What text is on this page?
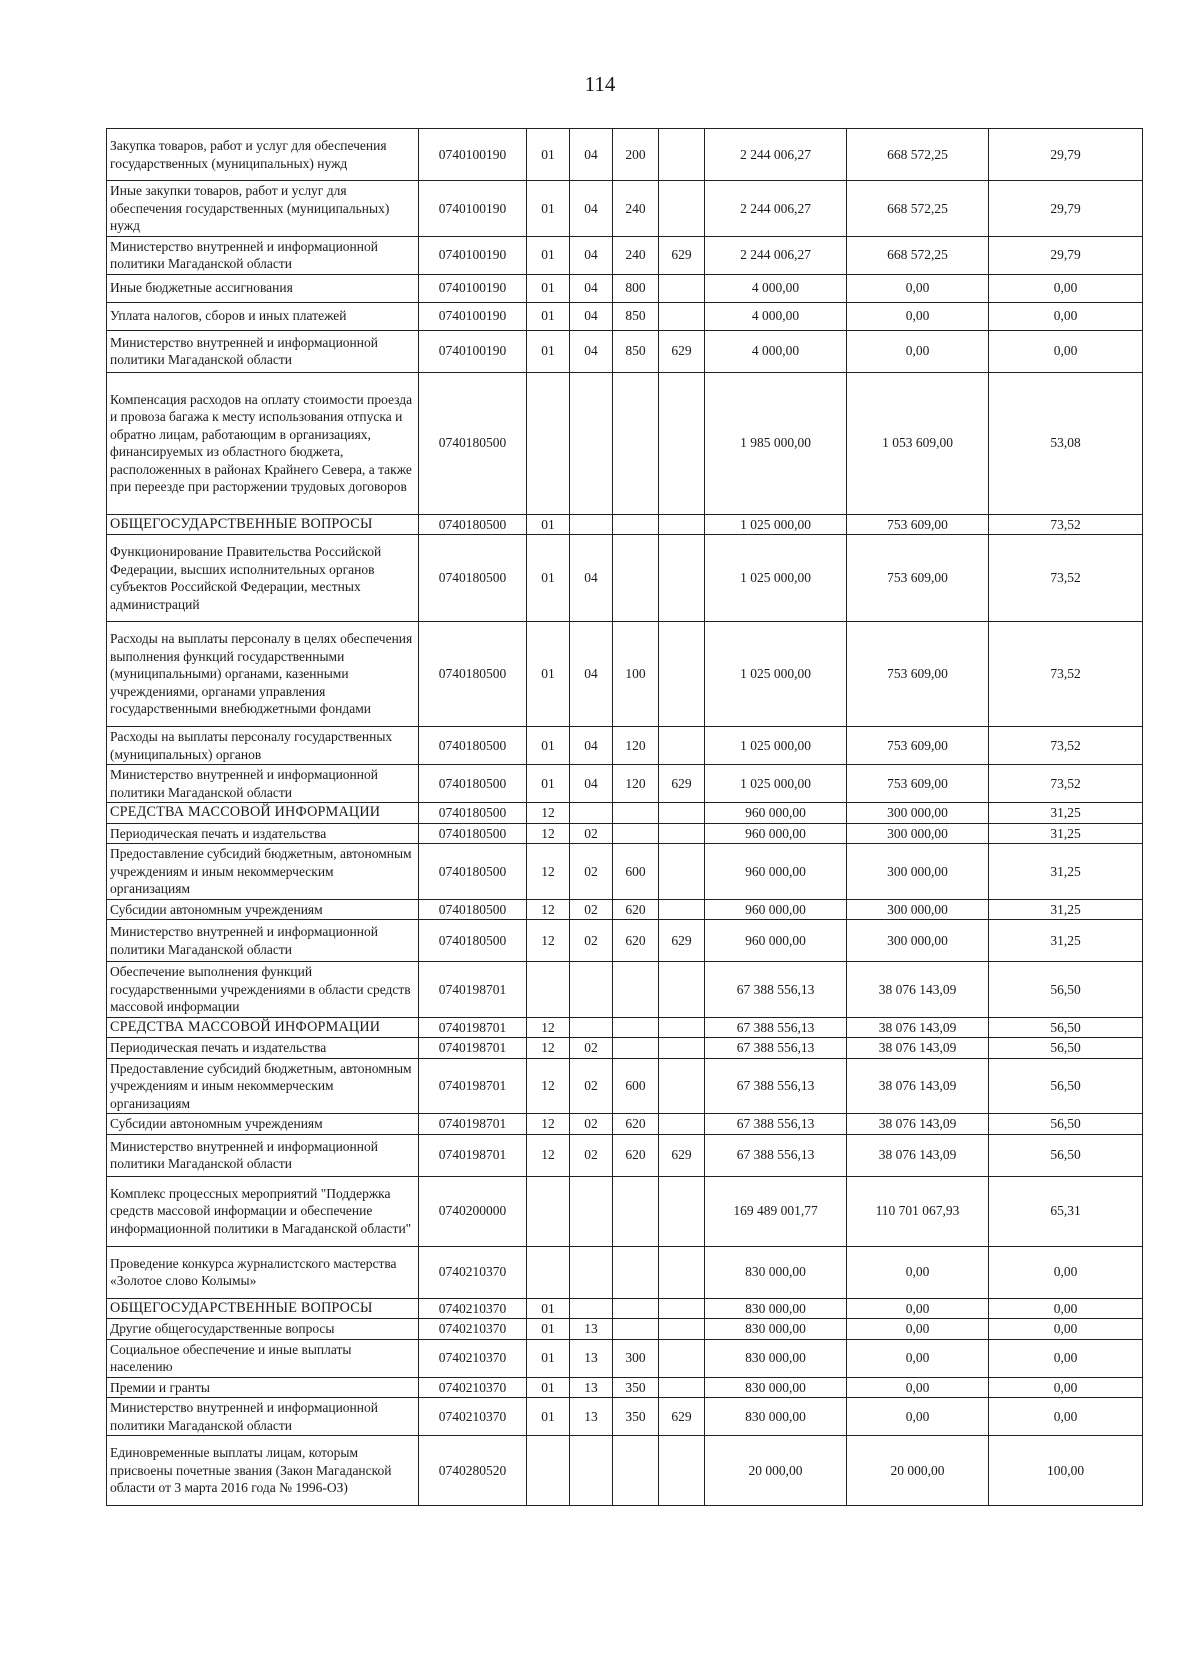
114
Закупка товаров, работ и услуг для обеспечения государственных (муниципальных) нужд	0740100190	01	04	200		2 244 006,27	668 572,25	29,79
Иные закупки товаров, работ и услуг для обеспечения государственных (муниципальных) нужд	0740100190	01	04	240		2 244 006,27	668 572,25	29,79
Министерство внутренней и информационной политики Магаданской области	0740100190	01	04	240	629	2 244 006,27	668 572,25	29,79
Иные бюджетные ассигнования	0740100190	01	04	800		4 000,00	0,00	0,00
Уплата налогов, сборов и иных платежей	0740100190	01	04	850		4 000,00	0,00	0,00
Министерство внутренней и информационной политики Магаданской области	0740100190	01	04	850	629	4 000,00	0,00	0,00
Компенсация расходов на оплату стоимости проезда и провоза багажа к месту использования отпуска и обратно лицам, работающим в организациях, финансируемых из областного бюджета, расположенных в районах Крайнего Севера, а также при переезде при расторжении трудовых договоров	0740180500					1 985 000,00	1 053 609,00	53,08
ОБЩЕГОСУДАРСТВЕННЫЕ ВОПРОСЫ	0740180500	01				1 025 000,00	753 609,00	73,52
Функционирование Правительства Российской Федерации, высших исполнительных органов субъектов Российской Федерации, местных администраций	0740180500	01	04			1 025 000,00	753 609,00	73,52
Расходы на выплаты персоналу в целях обеспечения выполнения функций государственными (муниципальными) органами, казенными учреждениями, органами управления государственными внебюджетными фондами	0740180500	01	04	100		1 025 000,00	753 609,00	73,52
Расходы на выплаты персоналу государственных (муниципальных) органов	0740180500	01	04	120		1 025 000,00	753 609,00	73,52
Министерство внутренней и информационной политики Магаданской области	0740180500	01	04	120	629	1 025 000,00	753 609,00	73,52
СРЕДСТВА МАССОВОЙ ИНФОРМАЦИИ	0740180500	12				960 000,00	300 000,00	31,25
Периодическая печать и издательства	0740180500	12	02			960 000,00	300 000,00	31,25
Предоставление субсидий бюджетным, автономным учреждениям и иным некоммерческим организациям	0740180500	12	02	600		960 000,00	300 000,00	31,25
Субсидии автономным учреждениям	0740180500	12	02	620		960 000,00	300 000,00	31,25
Министерство внутренней и информационной политики Магаданской области	0740180500	12	02	620	629	960 000,00	300 000,00	31,25
Обеспечение выполнения функций государственными учреждениями в области средств массовой информации	0740198701					67 388 556,13	38 076 143,09	56,50
СРЕДСТВА МАССОВОЙ ИНФОРМАЦИИ	0740198701	12				67 388 556,13	38 076 143,09	56,50
Периодическая печать и издательства	0740198701	12	02			67 388 556,13	38 076 143,09	56,50
Предоставление субсидий бюджетным, автономным учреждениям и иным некоммерческим организациям	0740198701	12	02	600		67 388 556,13	38 076 143,09	56,50
Субсидии автономным учреждениям	0740198701	12	02	620		67 388 556,13	38 076 143,09	56,50
Министерство внутренней и информационной политики Магаданской области	0740198701	12	02	620	629	67 388 556,13	38 076 143,09	56,50
Комплекс процессных мероприятий "Поддержка средств массовой информации и обеспечение информационной политики в Магаданской области"	0740200000					169 489 001,77	110 701 067,93	65,31
Проведение конкурса журналистского мастерства «Золотое слово Колымы»	0740210370					830 000,00	0,00	0,00
ОБЩЕГОСУДАРСТВЕННЫЕ ВОПРОСЫ	0740210370	01				830 000,00	0,00	0,00
Другие общегосударственные вопросы	0740210370	01	13			830 000,00	0,00	0,00
Социальное обеспечение и иные выплаты населению	0740210370	01	13	300		830 000,00	0,00	0,00
Премии и гранты	0740210370	01	13	350		830 000,00	0,00	0,00
Министерство внутренней и информационной политики Магаданской области	0740210370	01	13	350	629	830 000,00	0,00	0,00
Единовременные выплаты лицам, которым присвоены почетные звания (Закон Магаданской области от 3 марта 2016 года № 1996-ОЗ)	0740280520					20 000,00	20 000,00	100,00
